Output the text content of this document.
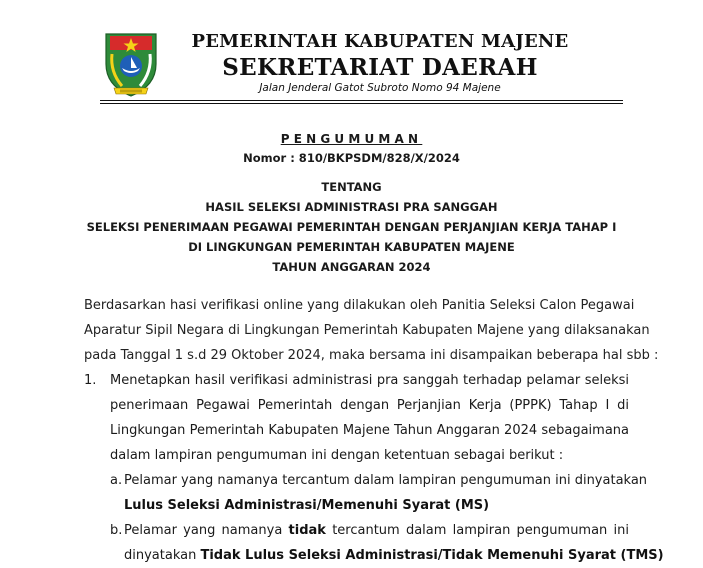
PEMERINTAH KABUPATEN MAJENE
SEKRETARIAT DAERAH
Jalan Jenderal Gatot Subroto Nomo 94 Majene
PENGUMUMAN
Nomor : 810/BKPSDM/828/X/2024
TENTANG
HASIL SELEKSI ADMINISTRASI PRA SANGGAH
SELEKSI PENERIMAAN PEGAWAI PEMERINTAH DENGAN PERJANJIAN KERJA TAHAP I
DI LINGKUNGAN PEMERINTAH KABUPATEN MAJENE
TAHUN ANGGARAN 2024
Berdasarkan hasi verifikasi online yang dilakukan oleh Panitia Seleksi Calon Pegawai
Aparatur Sipil Negara di Lingkungan Pemerintah Kabupaten Majene yang dilaksanakan
pada Tanggal 1 s.d 29 Oktober 2024, maka bersama ini disampaikan beberapa hal sbb :
1. Menetapkan hasil verifikasi administrasi pra sanggah terhadap pelamar seleksi
penerimaan Pegawai Pemerintah dengan Perjanjian Kerja (PPPK) Tahap I di
Lingkungan Pemerintah Kabupaten Majene Tahun Anggaran 2024 sebagaimana
dalam lampiran pengumuman ini dengan ketentuan sebagai berikut :
a. Pelamar yang namanya tercantum dalam lampiran pengumuman ini dinyatakan
Lulus Seleksi Administrasi/Memenuhi Syarat (MS)
b. Pelamar yang namanya tidak tercantum dalam lampiran pengumuman ini
dinyatakan Tidak Lulus Seleksi Administrasi/Tidak Memenuhi Syarat (TMS)
